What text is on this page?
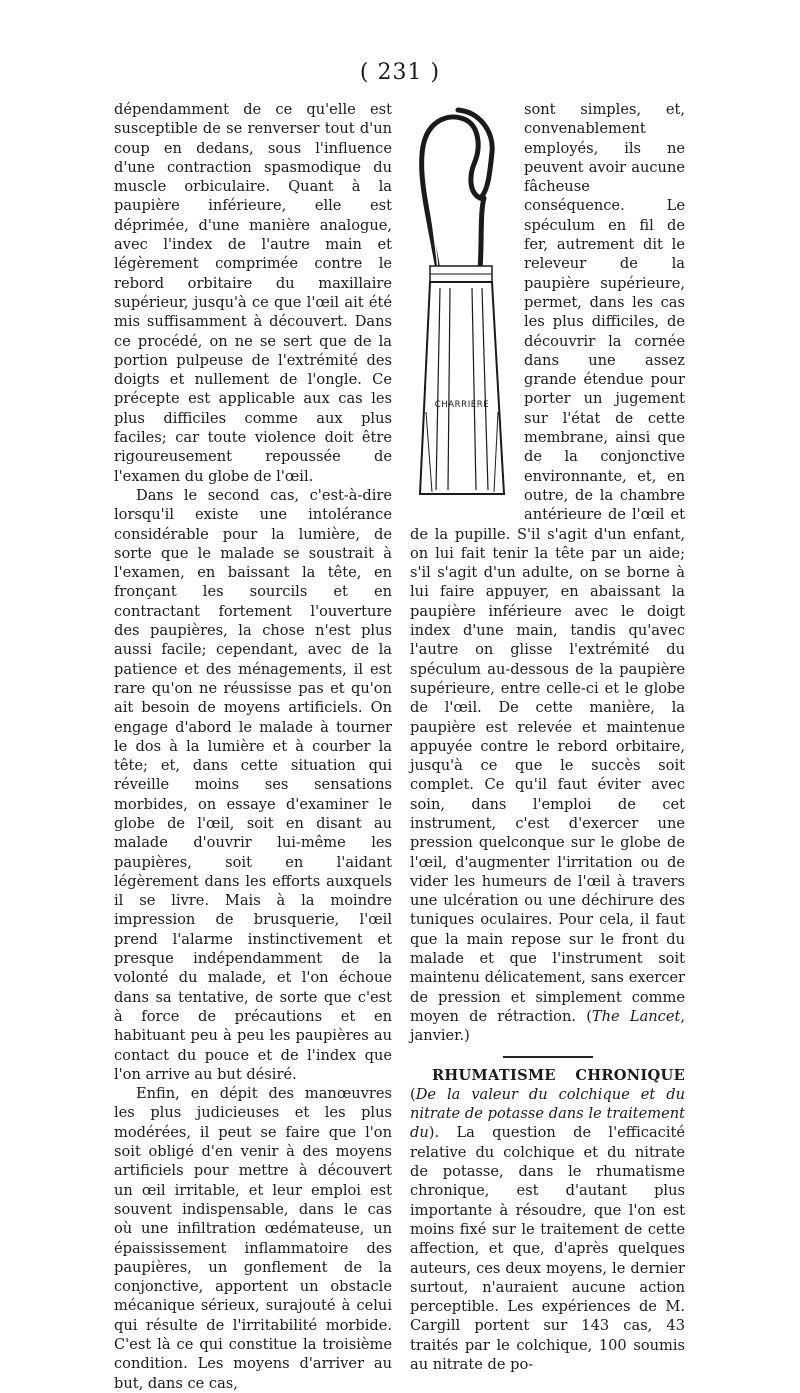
( 231 )

dépendamment de ce qu'elle est susceptible de se renverser tout d'un coup en dedans, sous l'influence d'une contraction spasmodique du muscle orbiculaire. Quant à la paupière inférieure, elle est déprimée, d'une manière analogue, avec l'index de l'autre main et légèrement comprimée contre le rebord orbitaire du maxillaire supérieur, jusqu'à ce que l'œil ait été mis suffisamment à découvert. Dans ce procédé, on ne se sert que de la portion pulpeuse de l'extrémité des doigts et nullement de l'ongle. Ce précepte est applicable aux cas les plus difficiles comme aux plus faciles; car toute violence doit être rigoureusement repoussée de l'examen du globe de l'œil.

Dans le second cas, c'est-à-dire lorsqu'il existe une intolérance considérable pour la lumière, de sorte que le malade se soustrait à l'examen, en baissant la tête, en fronçant les sourcils et en contractant fortement l'ouverture des paupières, la chose n'est plus aussi facile; cependant, avec de la patience et des ménagements, il est rare qu'on ne réussisse pas et qu'on ait besoin de moyens artificiels. On engage d'abord le malade à tourner le dos à la lumière et à courber la tête; et, dans cette situation qui réveille moins ses sensations morbides, on essaye d'examiner le globe de l'œil, soit en disant au malade d'ouvrir lui-même les paupières, soit en l'aidant légèrement dans les efforts auxquels il se livre. Mais à la moindre impression de brusquerie, l'œil prend l'alarme instinctivement et presque indépendamment de la volonté du malade, et l'on échoue dans sa tentative, de sorte que c'est à force de précautions et en habituant peu à peu les paupières au contact du pouce et de l'index que l'on arrive au but désiré.

Enfin, en dépit des manœuvres les plus judicieuses et les plus modérées, il peut se faire que l'on soit obligé d'en venir à des moyens artificiels pour mettre à découvert un œil irritable, et leur emploi est souvent indispensable, dans le cas où une infiltration œdémateuse, un épaississement inflammatoire des paupières, un gonflement de la conjonctive, apportent un obstacle mécanique sérieux, surajouté à celui qui résulte de l'irritabilité morbide. C'est là ce qui constitue la troisième condition. Les moyens d'arriver au but, dans ce cas,

CHARRIERE
sont simples, et, convenablement employés, ils ne peuvent avoir aucune fâcheuse conséquence. Le spéculum en fil de fer, autrement dit le releveur de la paupière supérieure, permet, dans les cas les plus difficiles, de découvrir la cornée dans une assez grande étendue pour porter un jugement sur l'état de cette membrane, ainsi que de la conjonctive environnante, et, en outre, de la chambre antérieure de l'œil et de la pupille. S'il s'agit d'un enfant, on lui fait tenir la tête par un aide; s'il s'agit d'un adulte, on se borne à lui faire appuyer, en abaissant la paupière inférieure avec le doigt index d'une main, tandis qu'avec l'autre on glisse l'extrémité du spéculum au-dessous de la paupière supérieure, entre celle-ci et le globe de l'œil. De cette manière, la paupière est relevée et maintenue appuyée contre le rebord orbitaire, jusqu'à ce que le succès soit complet. Ce qu'il faut éviter avec soin, dans l'emploi de cet instrument, c'est d'exercer une pression quelconque sur le globe de l'œil, d'augmenter l'irritation ou de vider les humeurs de l'œil à travers une ulcération ou une déchirure des tuniques oculaires. Pour cela, il faut que la main repose sur le front du malade et que l'instrument soit maintenu délicatement, sans exercer de pression et simplement comme moyen de rétraction. (The Lancet, janvier.)

RHUMATISME CHRONIQUE (De la valeur du colchique et du nitrate de potasse dans le traitement du). La question de l'efficacité relative du colchique et du nitrate de potasse, dans le rhumatisme chronique, est d'autant plus importante à résoudre, que l'on est moins fixé sur le traitement de cette affection, et que, d'après quelques auteurs, ces deux moyens, le dernier surtout, n'auraient aucune action perceptible. Les expériences de M. Cargill portent sur 143 cas, 43 traités par le colchique, 100 soumis au nitrate de po-
